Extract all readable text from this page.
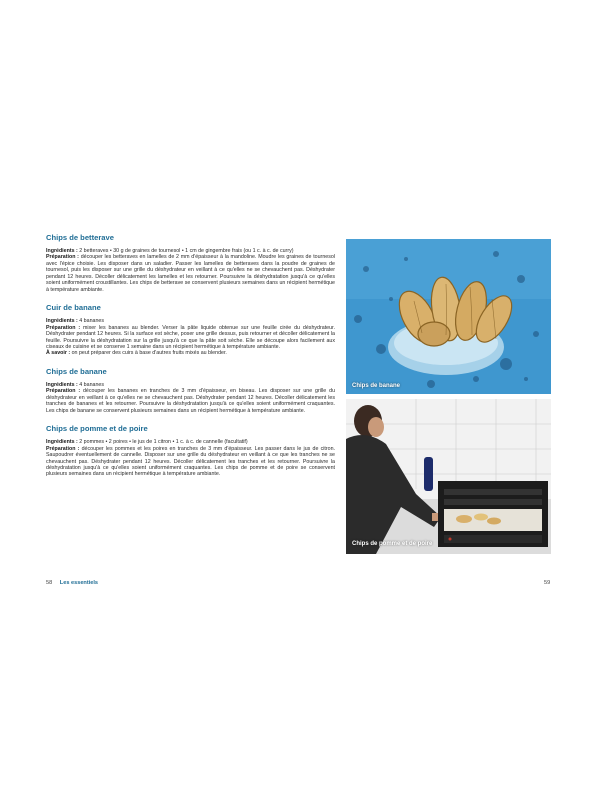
Chips de betterave

Ingrédients : 2 betteraves • 30 g de graines de tournesol • 1 cm de gingembre frais (ou 1 c. à c. de curry)

Préparation : découper les betteraves en lamelles de 2 mm d'épaisseur à la mandoline. Moudre les graines de tournesol avec l'épice choisie. Les disposer dans un saladier. Passer les lamelles de betteraves dans la poudre de graines de tournesol, puis les disposer sur une grille du déshydrateur en veillant à ce qu'elles ne se chevauchent pas. Déshydrater pendant 12 heures. Décoller délicatement les lamelles et les retourner. Poursuivre la déshydratation jusqu'à ce qu'elles soient uniformément croustillantes. Les chips de betterave se conservent plusieurs semaines dans un récipient hermétique à température ambiante.

Cuir de banane

Ingrédients : 4 bananes

Préparation : mixer les bananes au blender. Verser la pâte liquide obtenue sur une feuille cirée du déshydrateur. Déshydrater pendant 12 heures. Si la surface est sèche, poser une grille dessus, puis retourner et décoller délicatement la feuille. Poursuivre la déshydratation sur la grille jusqu'à ce que la pâte soit sèche. Elle se découpe alors facilement aux ciseaux de cuisine et se conserve 1 semaine dans un récipient hermétique à température ambiante.

À savoir : on peut préparer des cuirs à base d'autres fruits mixés au blender.

Chips de banane

Ingrédients : 4 bananes

Préparation : découper les bananes en tranches de 3 mm d'épaisseur, en biseau. Les disposer sur une grille du déshydrateur en veillant à ce qu'elles ne se chevauchent pas. Déshydrater pendant 12 heures. Décoller délicatement les tranches de bananes et les retourner. Poursuivre la déshydratation jusqu'à ce qu'elles soient uniformément craquantes. Les chips de banane se conservent plusieurs semaines dans un récipient hermétique à température ambiante.

Chips de pomme et de poire

Ingrédients : 2 pommes • 2 poires • le jus de 1 citron • 1 c. à c. de cannelle (facultatif)

Préparation : découper les pommes et les poires en tranches de 3 mm d'épaisseur. Les passer dans le jus de citron. Saupoudrer éventuellement de cannelle. Disposer sur une grille du déshydrateur en veillant à ce que les tranches ne se chevauchent pas. Déshydrater pendant 12 heures. Décoller délicatement les tranches et les retourner. Poursuivre la déshydratation jusqu'à ce qu'elles soient uniformément craquantes. Les chips de pomme et de poire se conservent plusieurs semaines dans un récipient hermétique à température ambiante.

Chips de banane
Chips de pomme et de poire
58 Les essentiels	59
